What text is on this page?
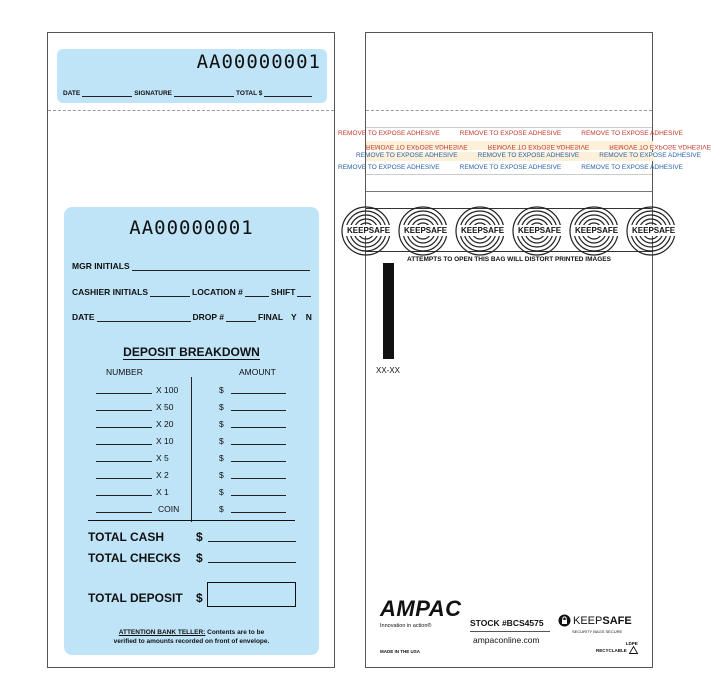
AA00000001
DATE	SIGNATURE	TOTAL $
AA00000001
MGR INITIALS
CASHIER INITIALS	LOCATION #	SHIFT
DATE	DROP #	FINAL Y N
DEPOSIT BREAKDOWN
NUMBER	AMOUNT
X 100	$
X 50	$
X 20	$
X 10	$
X 5	$
X 2	$
X 1	$
COIN	$
TOTAL CASH	$
TOTAL CHECKS $
TOTAL DEPOSIT $
ATTENTION BANK TELLER: Contents are to be
verified to amounts recorded on front of envelope.
REMOVE TO EXPOSE ADHESIVE	REMOVE TO EXPOSE ADHESIVE	REMOVE TO EXPOSE ADHESIVE
REMOVE TO EXPOSE ADHESIVE	REMOVE TO EXPOSE ADHESIVE	REMOVE TO EXPOSE ADHESIVE
REMOVE TO EXPOSE ADHESIVE	REMOVE TO EXPOSE ADHESIVE	REMOVE TO EXPOSE ADHESIVE
REMOVE TO EXPOSE ADHESIVE	REMOVE TO EXPOSE ADHESIVE	REMOVE TO EXPOSE ADHESIVE
KEEPSAFE KEEPSAFE KEEPSAFE KEEPSAFE KEEPSAFE KEEPSAFE
ATTEMPTS TO OPEN THIS BAG WILL DISTORT PRINTED IMAGES
XX-XX
AMPAC
Innovation in action®	STOCK #BCS4575
ampaconline.com
KEEP SAFE
SECURITY BAGS SECURE
MADE IN THE USA
LDPE
RECYCLABLE
